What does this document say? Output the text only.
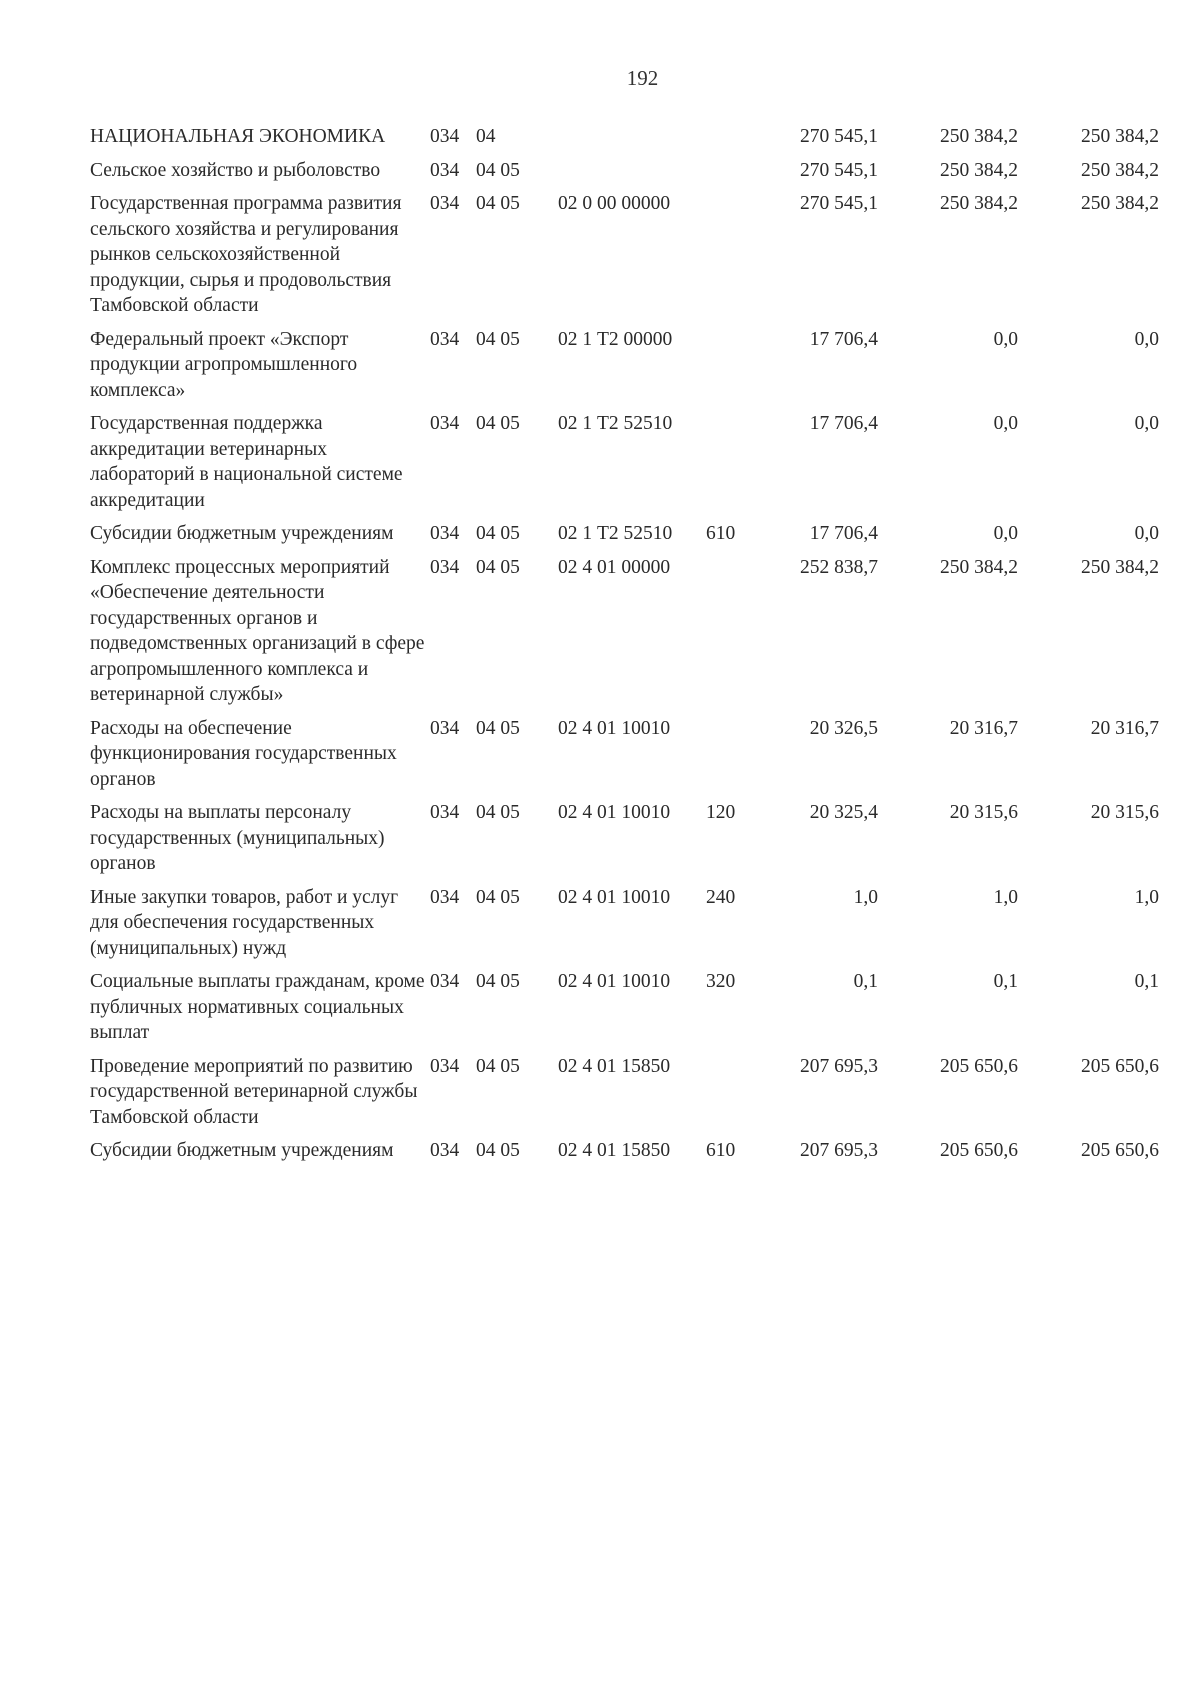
192
НАЦИОНАЛЬНАЯ ЭКОНОМИКА	034	04			270 545,1	250 384,2	250 384,2
Сельское хозяйство и рыболовство	034	04 05			270 545,1	250 384,2	250 384,2
Государственная программа развития сельского хозяйства и регулирования рынков сельскохозяйственной продукции, сырья и продовольствия Тамбовской области	034	04 05	02 0 00 00000		270 545,1	250 384,2	250 384,2
Федеральный проект «Экспорт продукции агропромышленного комплекса»	034	04 05	02 1 Т2 00000		17 706,4	0,0	0,0
Государственная поддержка аккредитации ветеринарных лабораторий в национальной системе аккредитации	034	04 05	02 1 Т2 52510		17 706,4	0,0	0,0
Субсидии бюджетным учреждениям	034	04 05	02 1 Т2 52510	610	17 706,4	0,0	0,0
Комплекс процессных мероприятий «Обеспечение деятельности государственных органов и подведомственных организаций в сфере агропромышленного комплекса и ветеринарной службы»	034	04 05	02 4 01 00000		252 838,7	250 384,2	250 384,2
Расходы на обеспечение функционирования государственных органов	034	04 05	02 4 01 10010		20 326,5	20 316,7	20 316,7
Расходы на выплаты персоналу государственных (муниципальных) органов	034	04 05	02 4 01 10010	120	20 325,4	20 315,6	20 315,6
Иные закупки товаров, работ и услуг для обеспечения государственных (муниципальных) нужд	034	04 05	02 4 01 10010	240	1,0	1,0	1,0
Социальные выплаты гражданам, кроме публичных нормативных социальных выплат	034	04 05	02 4 01 10010	320	0,1	0,1	0,1
Проведение мероприятий по развитию государственной ветеринарной службы Тамбовской области	034	04 05	02 4 01 15850		207 695,3	205 650,6	205 650,6
Субсидии бюджетным учреждениям	034	04 05	02 4 01 15850	610	207 695,3	205 650,6	205 650,6
